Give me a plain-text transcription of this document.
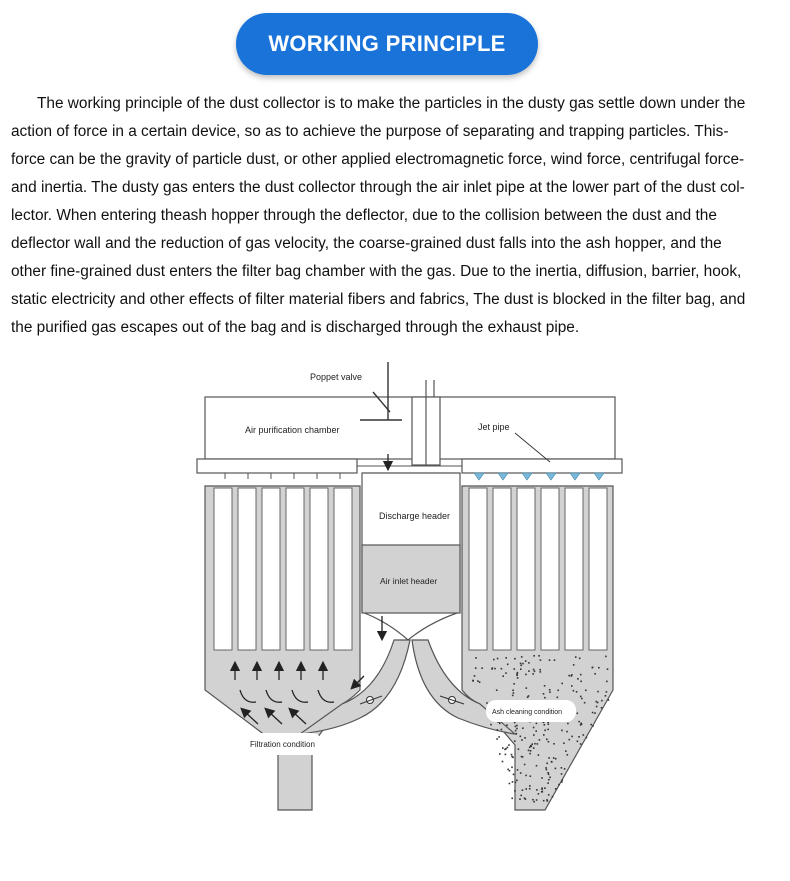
WORKING PRINCIPLE

The working principle of the dust collector is to make the particles in the dusty gas settle down under the
action of force in a certain device, so as to achieve the purpose of separating and trapping particles. This-
force can be the gravity of particle dust, or other applied electromagnetic force, wind force, centrifugal force-
and inertia. The dusty gas enters the dust collector through the air inlet pipe at the lower part of the dust col-
lector. When entering theash hopper through the deflector, due to the collision between the dust and the
deflector wall and the reduction of gas velocity, the coarse-grained dust falls into the ash hopper, and the
other fine-grained dust enters the filter bag chamber with the gas. Due to the inertia, diffusion, barrier, hook,
static electricity and other effects of filter material fibers and fabrics, The dust is blocked in the filter bag, and
the purified gas escapes out of the bag and is discharged through the exhaust pipe.

Poppet valve
Air purification chamber	Jet pipe
Discharge header
Air inlet header
Ash cleaning condition
Filtration condition
